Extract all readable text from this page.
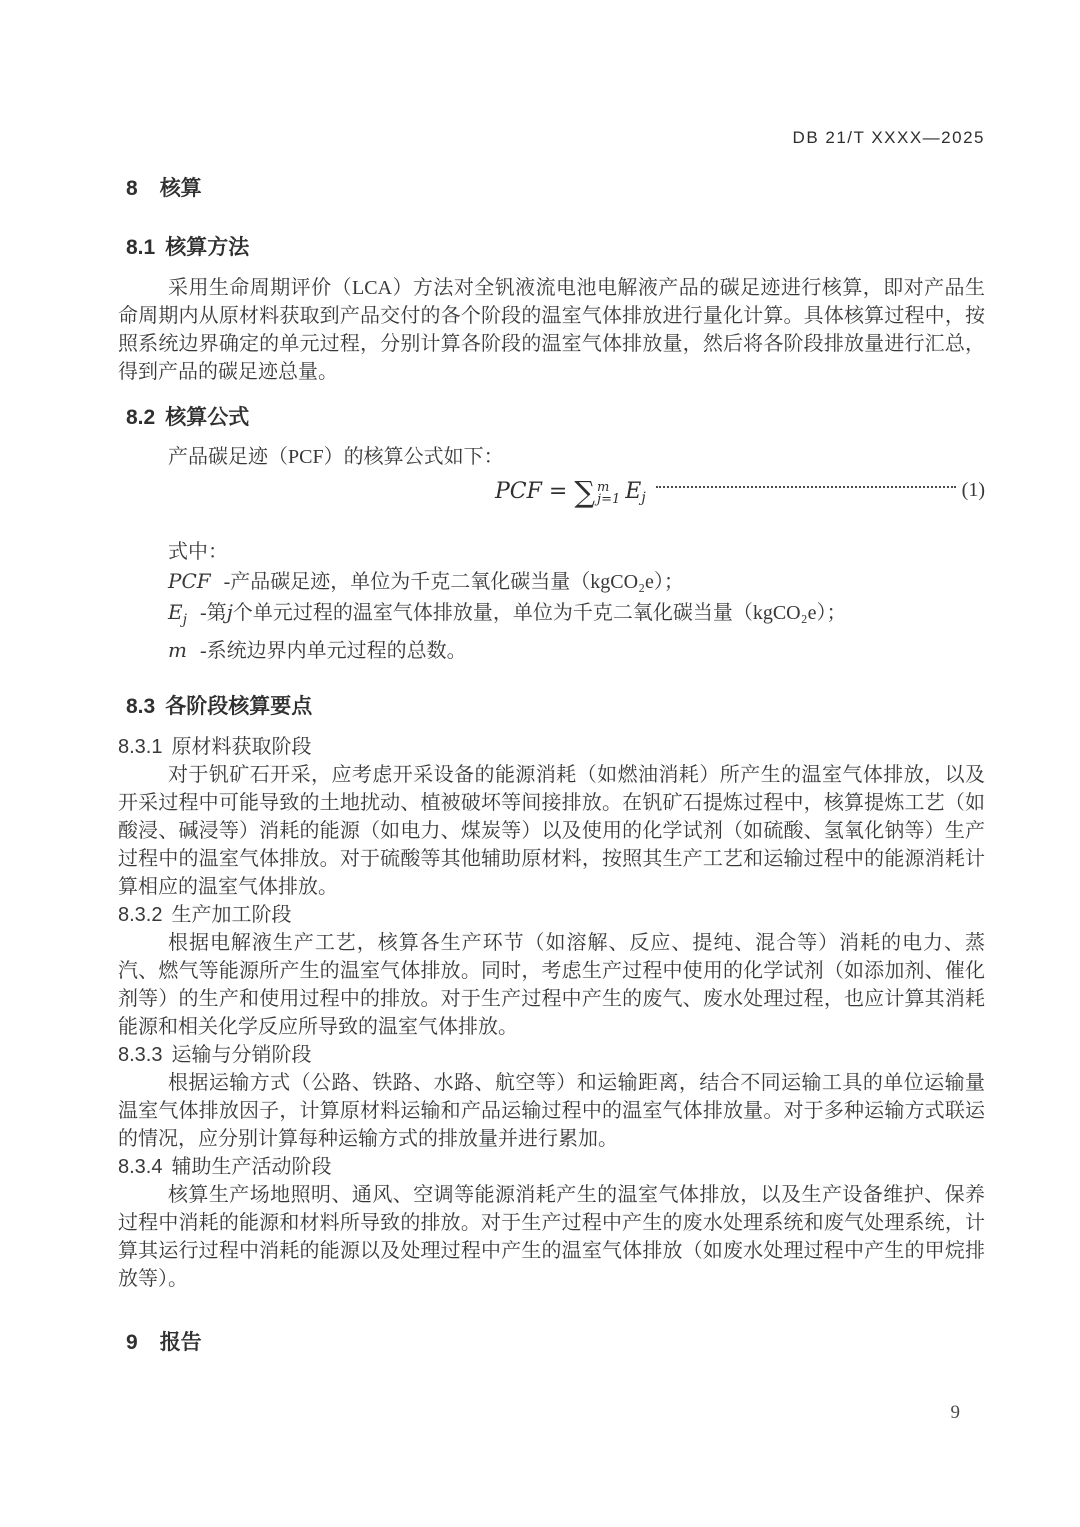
DB 21/T XXXX—2025
8 核算
8.1 核算方法

采用生命周期评价（LCA）方法对全钒液流电池电解液产品的碳足迹进行核算，即对产品生命周期内从原材料获取到产品交付的各个阶段的温室气体排放进行量化计算。具体核算过程中，按照系统边界确定的单元过程，分别计算各阶段的温室气体排放量，然后将各阶段排放量进行汇总，得到产品的碳足迹总量。

8.2 核算公式

产品碳足迹（PCF）的核算公式如下：

PCF = ∑ m
j=1 E j	(1)

式中：

PCF -产品碳足迹，单位为千克二氧化碳当量（kgCO₂e）；

$E_j$ -第j个单元过程的温室气体排放量，单位为千克二氧化碳当量（kgCO₂e）；

m -系统边界内单元过程的总数。

8.3 各阶段核算要点
8.3.1 原材料获取阶段

对于钒矿石开采，应考虑开采设备的能源消耗（如燃油消耗）所产生的温室气体排放，以及开采过程中可能导致的土地扰动、植被破坏等间接排放。在钒矿石提炼过程中，核算提炼工艺（如酸浸、碱浸等）消耗的能源（如电力、煤炭等）以及使用的化学试剂（如硫酸、氢氧化钠等）生产过程中的温室气体排放。对于硫酸等其他辅助原材料，按照其生产工艺和运输过程中的能源消耗计算相应的温室气体排放。

8.3.2 生产加工阶段

根据电解液生产工艺，核算各生产环节（如溶解、反应、提纯、混合等）消耗的电力、蒸汽、燃气等能源所产生的温室气体排放。同时，考虑生产过程中使用的化学试剂（如添加剂、催化剂等）的生产和使用过程中的排放。对于生产过程中产生的废气、废水处理过程，也应计算其消耗能源和相关化学反应所导致的温室气体排放。

8.3.3 运输与分销阶段

根据运输方式（公路、铁路、水路、航空等）和运输距离，结合不同运输工具的单位运输量温室气体排放因子，计算原材料运输和产品运输过程中的温室气体排放量。对于多种运输方式联运的情况，应分别计算每种运输方式的排放量并进行累加。

8.3.4 辅助生产活动阶段

核算生产场地照明、通风、空调等能源消耗产生的温室气体排放，以及生产设备维护、保养过程中消耗的能源和材料所导致的排放。对于生产过程中产生的废水处理系统和废气处理系统，计算其运行过程中消耗的能源以及处理过程中产生的温室气体排放（如废水处理过程中产生的甲烷排放等）。

9 报告
9
